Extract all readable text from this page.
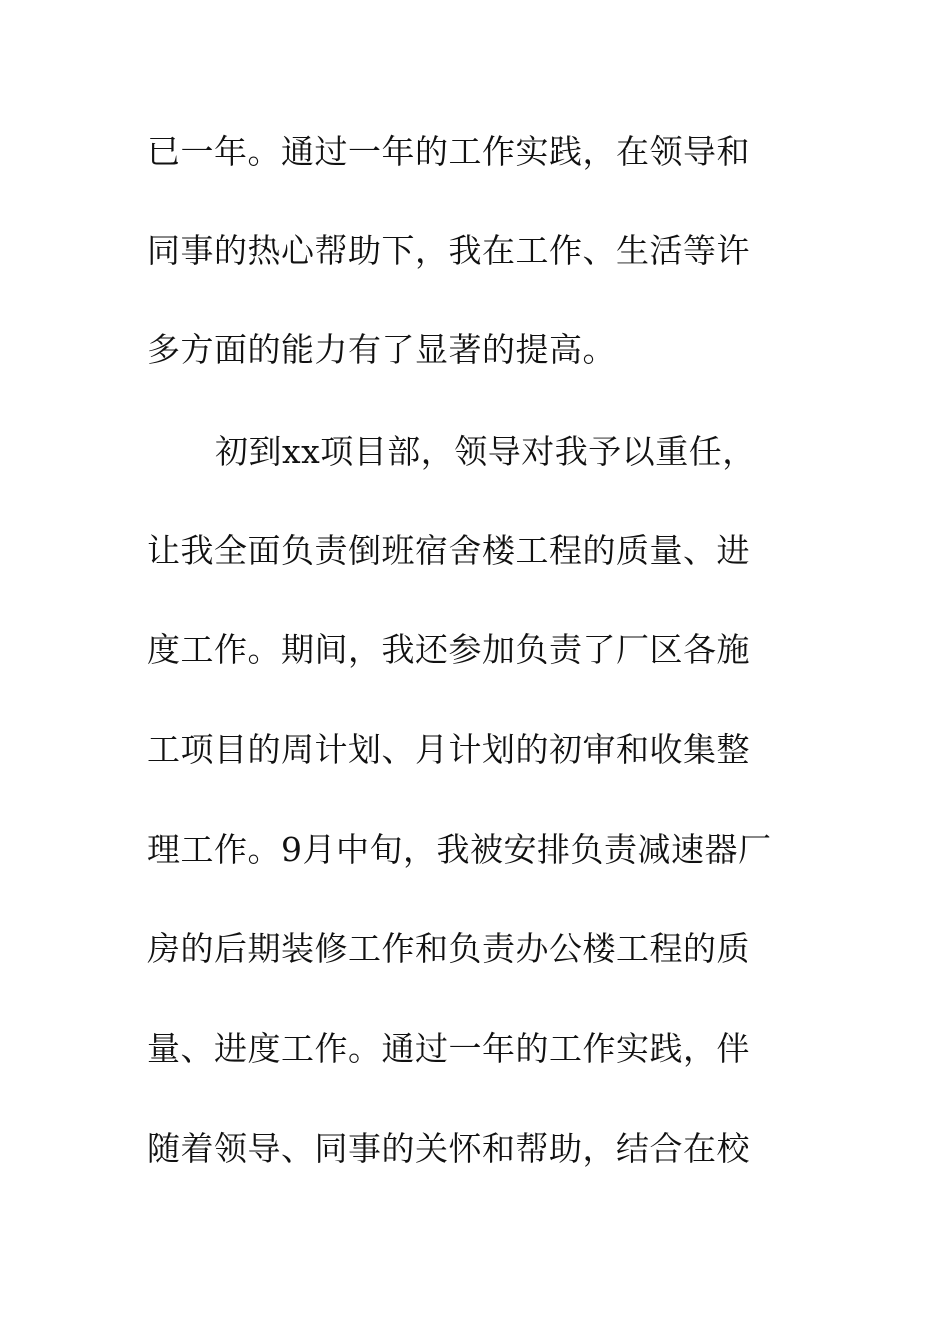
已一年。通过一年的工作实践，在领导和
同事的热心帮助下，我在工作、生活等许
多方面的能力有了显著的提高。
初到xx项目部，领导对我予以重任，
让我全面负责倒班宿舍楼工程的质量、进
度工作。期间，我还参加负责了厂区各施
工项目的周计划、月计划的初审和收集整
理工作。9月中旬，我被安排负责减速器厂
房的后期装修工作和负责办公楼工程的质
量、进度工作。通过一年的工作实践，伴
随着领导、同事的关怀和帮助，结合在校
